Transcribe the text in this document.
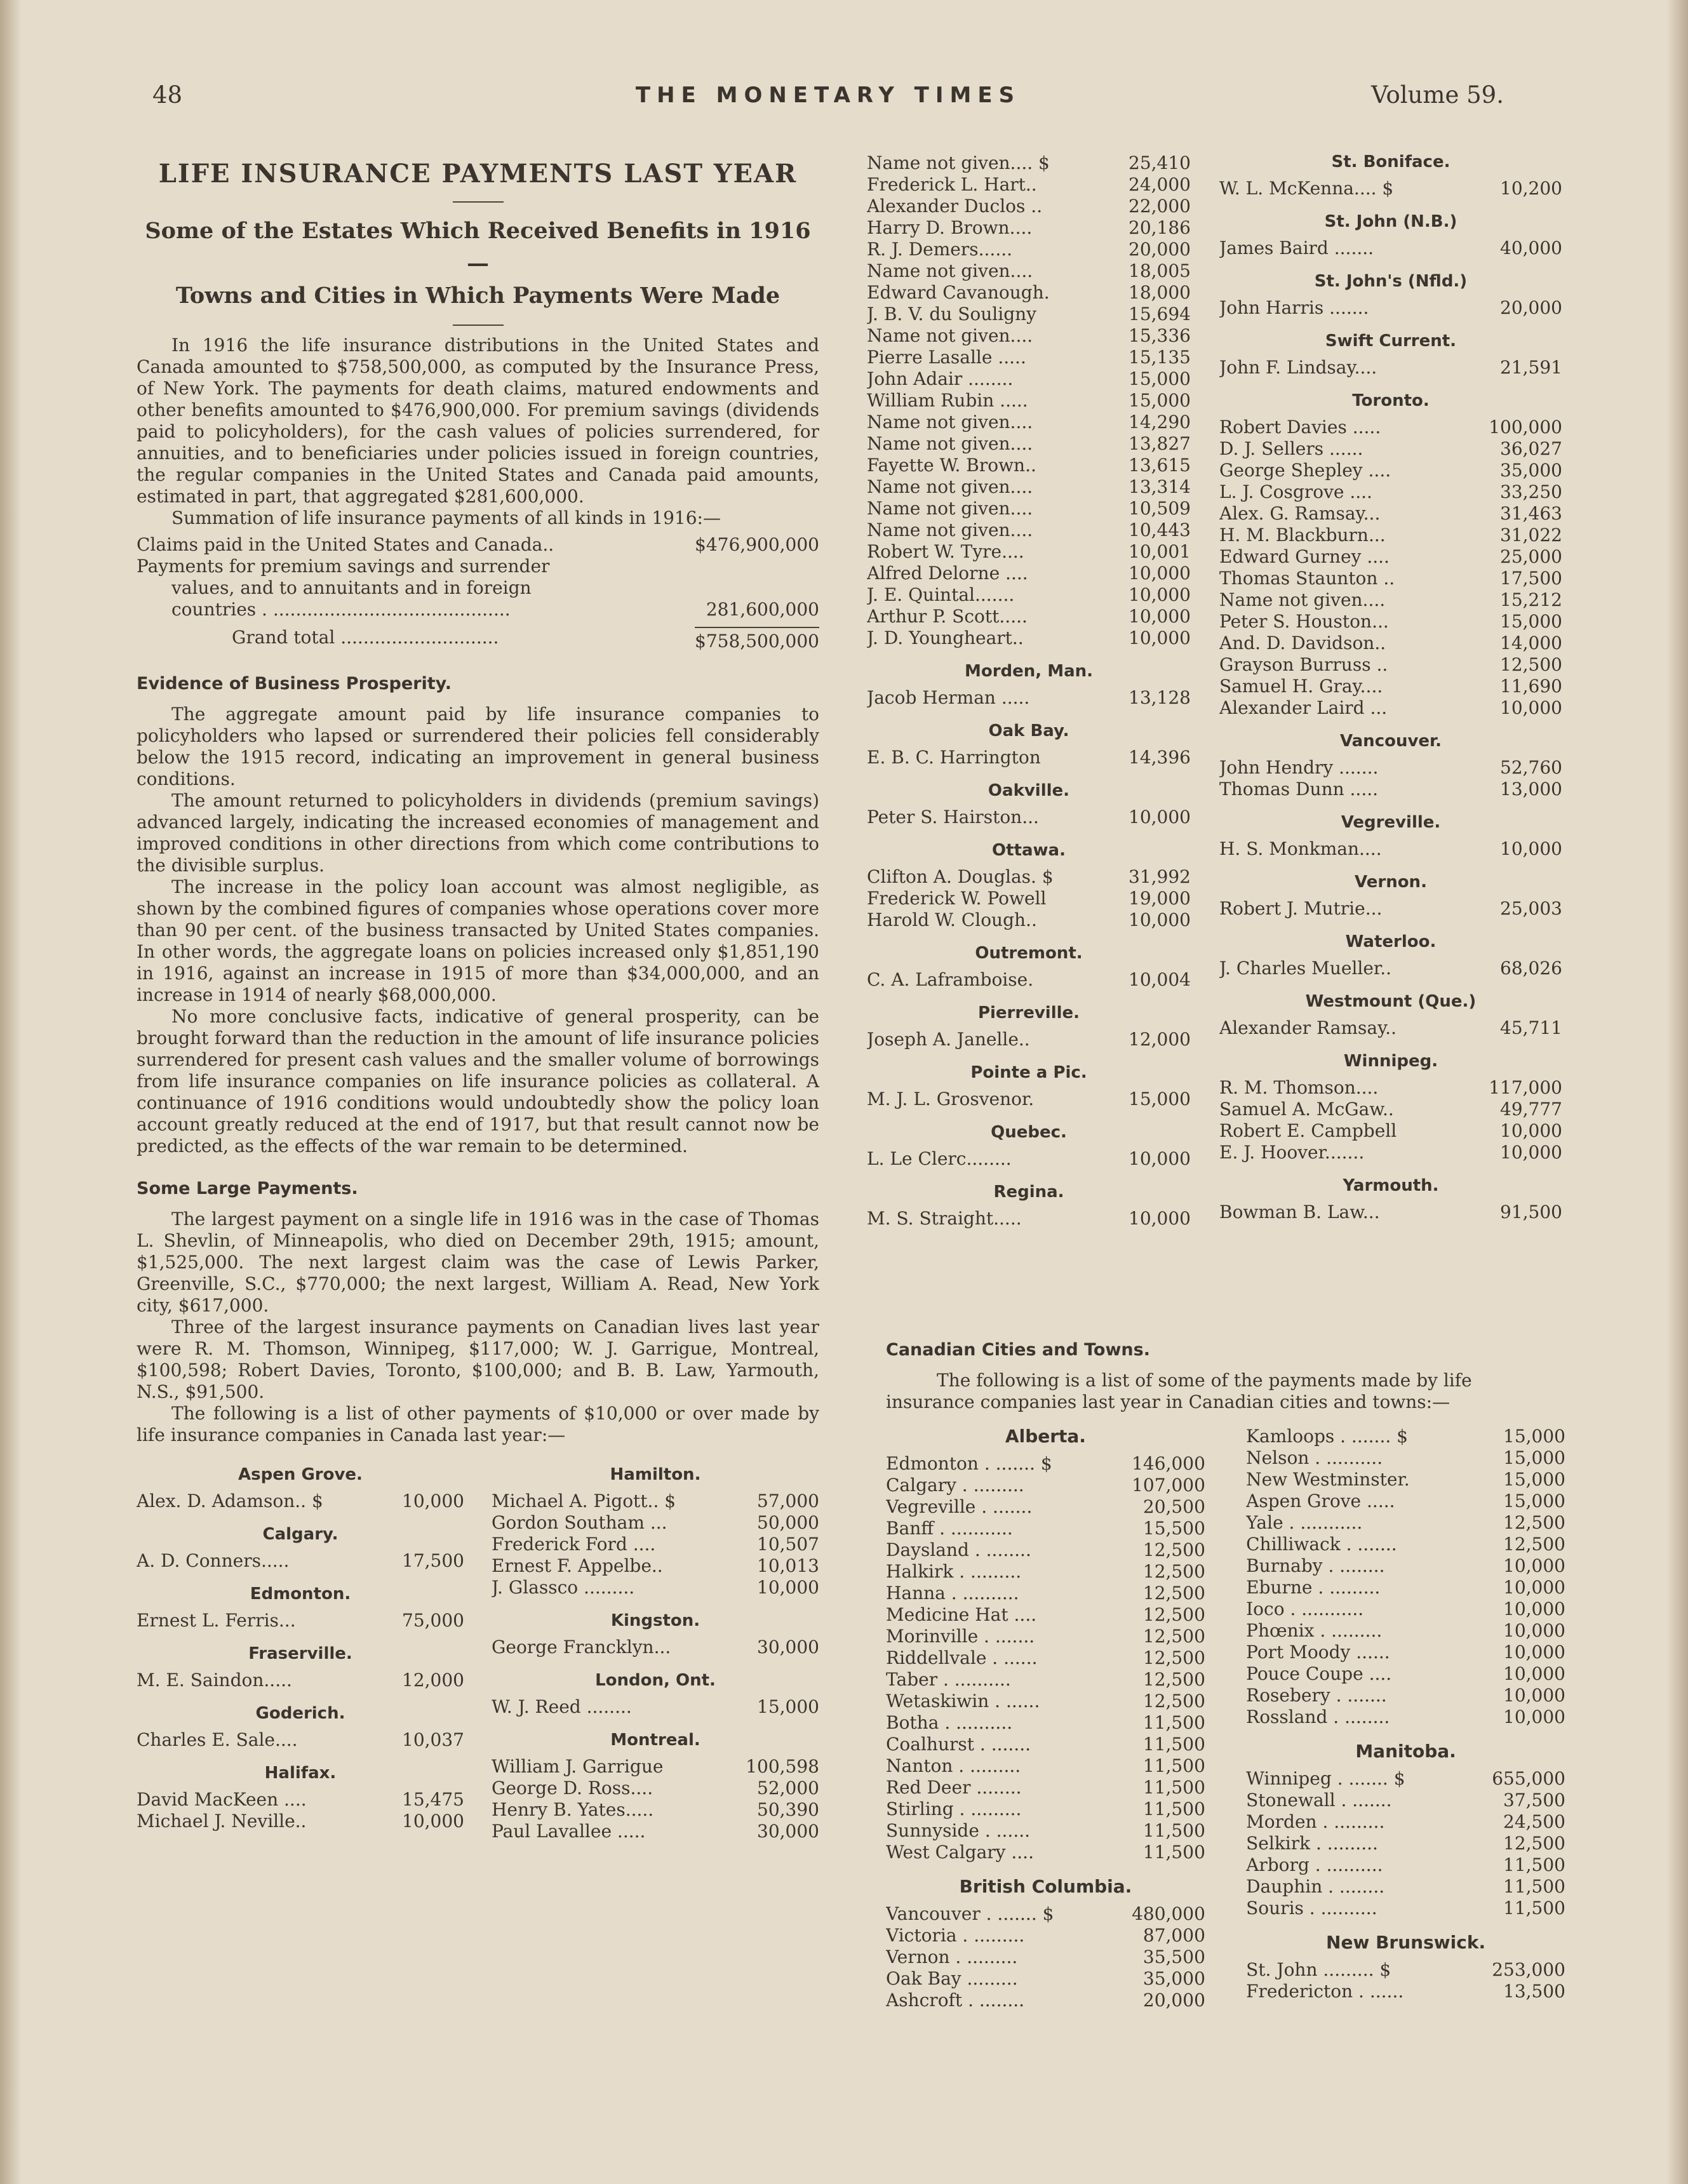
48	THE MONETARY TIMES	Volume 59.
LIFE INSURANCE PAYMENTS LAST YEAR
Some of the Estates Which Received Benefits in 1916—
Towns and Cities in Which Payments Were Made

In 1916 the life insurance distributions in the United States and Canada amounted to $758,500,000, as computed by the Insurance Press, of New York. The payments for death claims, matured endowments and other benefits amounted to $476,900,000. For premium savings (dividends paid to policyholders), for the cash values of policies surrendered, for annuities, and to beneficiaries under policies issued in foreign countries, the regular companies in the United States and Canada paid amounts, estimated in part, that aggregated $281,600,000.

Summation of life insurance payments of all kinds in 1916:—

Claims paid in the United States and Canada..	$476,900,000
Payments for premium savings and surrender
values, and to annuitants and in foreign
countries . ..........................................	281,600,000
Grand total ............................	$758,500,000
Evidence of Business Prosperity.

The aggregate amount paid by life insurance companies to policyholders who lapsed or surrendered their policies fell considerably below the 1915 record, indicating an improvement in general business conditions.

The amount returned to policyholders in dividends (premium savings) advanced largely, indicating the increased economies of management and improved conditions in other directions from which come contributions to the divisible surplus.

The increase in the policy loan account was almost negligible, as shown by the combined figures of companies whose operations cover more than 90 per cent. of the business transacted by United States companies. In other words, the aggregate loans on policies increased only $1,851,190 in 1916, against an increase in 1915 of more than $34,000,000, and an increase in 1914 of nearly $68,000,000.

No more conclusive facts, indicative of general prosperity, can be brought forward than the reduction in the amount of life insurance policies surrendered for present cash values and the smaller volume of borrowings from life insurance companies on life insurance policies as collateral. A continuance of 1916 conditions would undoubtedly show the policy loan account greatly reduced at the end of 1917, but that result cannot now be predicted, as the effects of the war remain to be determined.

Some Large Payments.

The largest payment on a single life in 1916 was in the case of Thomas L. Shevlin, of Minneapolis, who died on December 29th, 1915; amount, $1,525,000. The next largest claim was the case of Lewis Parker, Greenville, S.C., $770,000; the next largest, William A. Read, New York city, $617,000.

Three of the largest insurance payments on Canadian lives last year were R. M. Thomson, Winnipeg, $117,000; W. J. Garrigue, Montreal, $100,598; Robert Davies, Toronto, $100,000; and B. B. Law, Yarmouth, N.S., $91,500.

The following is a list of other payments of $10,000 or over made by life insurance companies in Canada last year:—

Aspen Grove.
Alex. D. Adamson.. $	10,000
Calgary.
A. D. Conners.....	17,500
Edmonton.
Ernest L. Ferris...	75,000
Fraserville.
M. E. Saindon.....	12,000
Goderich.
Charles E. Sale....	10,037
Halifax.
David MacKeen ....	15,475
Michael J. Neville..	10,000
Hamilton.
Michael A. Pigott.. $	57,000
Gordon Southam ...	50,000
Frederick Ford ....	10,507
Ernest F. Appelbe..	10,013
J. Glassco .........	10,000
Kingston.
George Francklyn...	30,000
London, Ont.
W. J. Reed ........	15,000
Montreal.
William J. Garrigue	100,598
George D. Ross....	52,000
Henry B. Yates.....	50,390
Paul Lavallee .....	30,000
Name not given.... $	25,410
Frederick L. Hart..	24,000
Alexander Duclos ..	22,000
Harry D. Brown....	20,186
R. J. Demers......	20,000
Name not given....	18,005
Edward Cavanough.	18,000
J. B. V. du Souligny	15,694
Name not given....	15,336
Pierre Lasalle .....	15,135
John Adair ........	15,000
William Rubin .....	15,000
Name not given....	14,290
Name not given....	13,827
Fayette W. Brown..	13,615
Name not given....	13,314
Name not given....	10,509
Name not given....	10,443
Robert W. Tyre....	10,001
Alfred Delorne ....	10,000
J. E. Quintal.......	10,000
Arthur P. Scott.....	10,000
J. D. Youngheart..	10,000
Morden, Man.
Jacob Herman .....	13,128
Oak Bay.
E. B. C. Harrington	14,396
Oakville.
Peter S. Hairston...	10,000
Ottawa.
Clifton A. Douglas. $	31,992
Frederick W. Powell	19,000
Harold W. Clough..	10,000
Outremont.
C. A. Laframboise.	10,004
Pierreville.
Joseph A. Janelle..	12,000
Pointe a Pic.
M. J. L. Grosvenor.	15,000
Quebec.
L. Le Clerc........	10,000
Regina.
M. S. Straight.....	10,000
St. Boniface.
W. L. McKenna.... $	10,200
St. John (N.B.)
James Baird .......	40,000
St. John's (Nfld.)
John Harris .......	20,000
Swift Current.
John F. Lindsay....	21,591
Toronto.
Robert Davies .....	100,000
D. J. Sellers ......	36,027
George Shepley ....	35,000
L. J. Cosgrove ....	33,250
Alex. G. Ramsay...	31,463
H. M. Blackburn...	31,022
Edward Gurney ....	25,000
Thomas Staunton ..	17,500
Name not given....	15,212
Peter S. Houston...	15,000
And. D. Davidson..	14,000
Grayson Burruss ..	12,500
Samuel H. Gray....	11,690
Alexander Laird ...	10,000
Vancouver.
John Hendry .......	52,760
Thomas Dunn .....	13,000
Vegreville.
H. S. Monkman....	10,000
Vernon.
Robert J. Mutrie...	25,003
Waterloo.
J. Charles Mueller..	68,026
Westmount (Que.)
Alexander Ramsay..	45,711
Winnipeg.
R. M. Thomson....	117,000
Samuel A. McGaw..	49,777
Robert E. Campbell	10,000
E. J. Hoover.......	10,000
Yarmouth.
Bowman B. Law...	91,500
Canadian Cities and Towns.
The following is a list of some of the payments made by life insurance companies last year in Canadian cities and towns:—
Alberta.
Edmonton . ....... $	146,000
Calgary . .........	107,000
Vegreville . .......	20,500
Banff . ...........	15,500
Daysland . ........	12,500
Halkirk . .........	12,500
Hanna . ..........	12,500
Medicine Hat ....	12,500
Morinville . .......	12,500
Riddellvale . ......	12,500
Taber . ..........	12,500
Wetaskiwin . ......	12,500
Botha . ..........	11,500
Coalhurst . .......	11,500
Nanton . .........	11,500
Red Deer ........	11,500
Stirling . .........	11,500
Sunnyside . ......	11,500
West Calgary ....	11,500
British Columbia.
Vancouver . ....... $	480,000
Victoria . .........	87,000
Vernon . .........	35,500
Oak Bay .........	35,000
Ashcroft . ........	20,000
Kamloops . ....... $	15,000
Nelson . ..........	15,000
New Westminster.	15,000
Aspen Grove .....	15,000
Yale . ...........	12,500
Chilliwack . .......	12,500
Burnaby . ........	10,000
Eburne . .........	10,000
Ioco . ...........	10,000
Phœnix . .........	10,000
Port Moody ......	10,000
Pouce Coupe ....	10,000
Rosebery . .......	10,000
Rossland . ........	10,000
Manitoba.
Winnipeg . ....... $	655,000
Stonewall . .......	37,500
Morden . .........	24,500
Selkirk . .........	12,500
Arborg . ..........	11,500
Dauphin . ........	11,500
Souris . ..........	11,500
New Brunswick.
St. John ......... $	253,000
Fredericton . ......	13,500
